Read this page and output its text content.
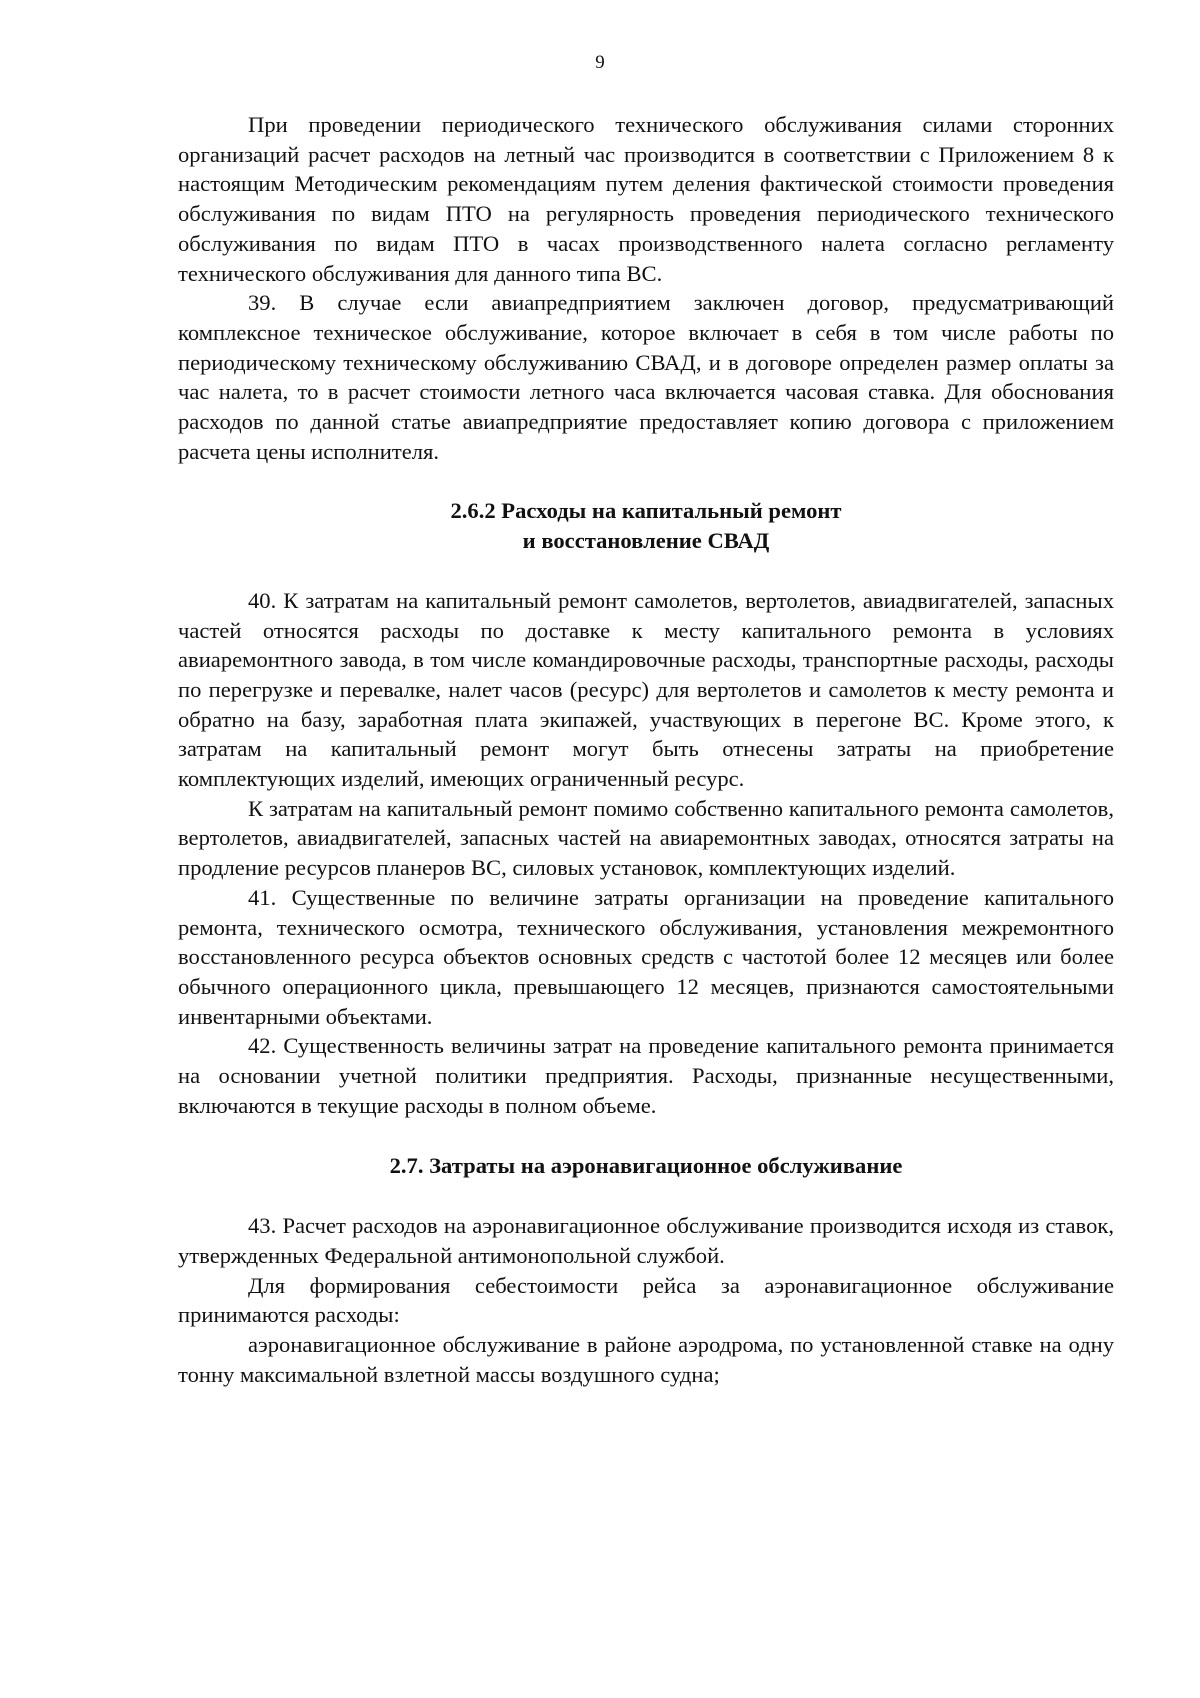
9

При проведении периодического технического обслуживания силами сторонних организаций расчет расходов на летный час производится в соответствии с Приложением 8 к настоящим Методическим рекомендациям путем деления фактической стоимости проведения обслуживания по видам ПТО на регулярность проведения периодического технического обслуживания по видам ПТО в часах производственного налета согласно регламенту технического обслуживания для данного типа ВС.

39. В случае если авиапредприятием заключен договор, предусматривающий комплексное техническое обслуживание, которое включает в себя в том числе работы по периодическому техническому обслуживанию СВАД, и в договоре определен размер оплаты за час налета, то в расчет стоимости летного часа включается часовая ставка. Для обоснования расходов по данной статье авиапредприятие предоставляет копию договора с приложением расчета цены исполнителя.

2.6.2 Расходы на капитальный ремонт
и восстановление СВАД

40. К затратам на капитальный ремонт самолетов, вертолетов, авиадвигателей, запасных частей относятся расходы по доставке к месту капитального ремонта в условиях авиаремонтного завода, в том числе командировочные расходы, транспортные расходы, расходы по перегрузке и перевалке, налет часов (ресурс) для вертолетов и самолетов к месту ремонта и обратно на базу, заработная плата экипажей, участвующих в перегоне ВС. Кроме этого, к затратам на капитальный ремонт могут быть отнесены затраты на приобретение комплектующих изделий, имеющих ограниченный ресурс.

К затратам на капитальный ремонт помимо собственно капитального ремонта самолетов, вертолетов, авиадвигателей, запасных частей на авиаремонтных заводах, относятся затраты на продление ресурсов планеров ВС, силовых установок, комплектующих изделий.

41. Существенные по величине затраты организации на проведение капитального ремонта, технического осмотра, технического обслуживания, установления межремонтного восстановленного ресурса объектов основных средств с частотой более 12 месяцев или более обычного операционного цикла, превышающего 12 месяцев, признаются самостоятельными инвентарными объектами.

42. Существенность величины затрат на проведение капитального ремонта принимается на основании учетной политики предприятия. Расходы, признанные несущественными, включаются в текущие расходы в полном объеме.

2.7. Затраты на аэронавигационное обслуживание

43. Расчет расходов на аэронавигационное обслуживание производится исходя из ставок, утвержденных Федеральной антимонопольной службой.

Для формирования себестоимости рейса за аэронавигационное обслуживание принимаются расходы:

аэронавигационное обслуживание в районе аэродрома, по установленной ставке на одну тонну максимальной взлетной массы воздушного судна;
